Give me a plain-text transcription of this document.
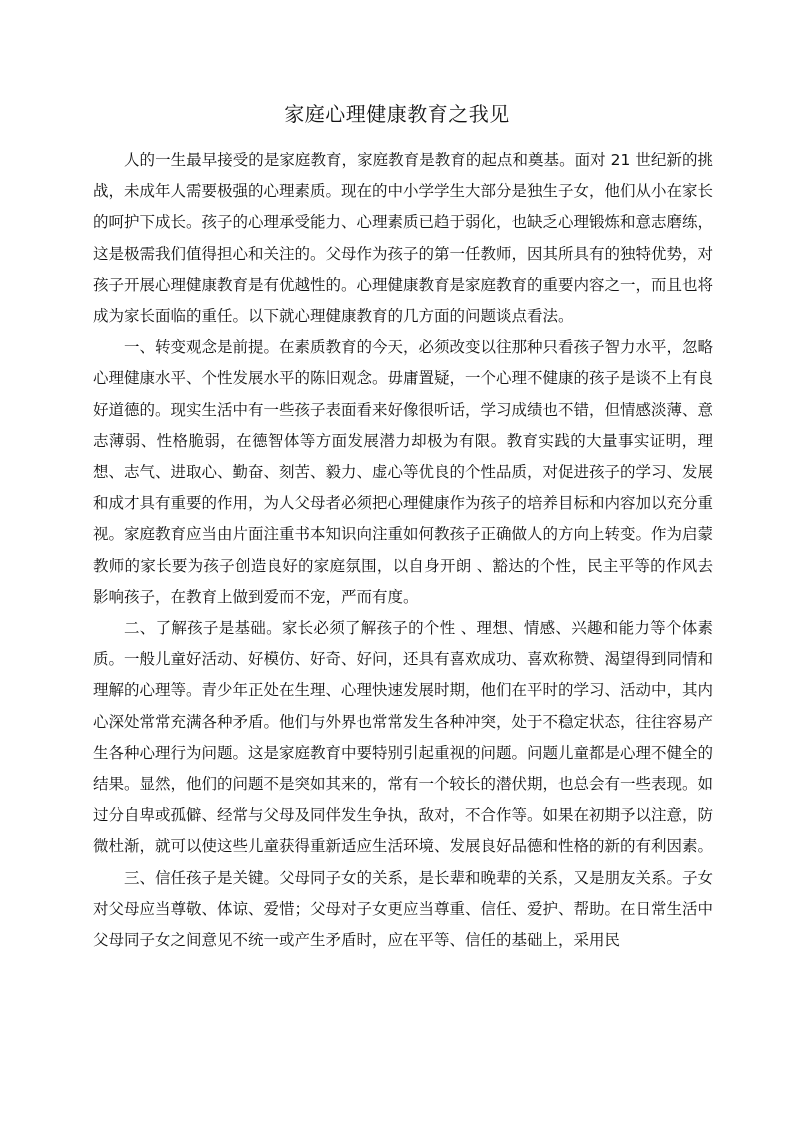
家庭心理健康教育之我见

人的一生最早接受的是家庭教育，家庭教育是教育的起点和奠基。面对 21 世纪新的挑战，未成年人需要极强的心理素质。现在的中小学学生大部分是独生子女，他们从小在家长的呵护下成长。孩子的心理承受能力、心理素质已趋于弱化，也缺乏心理锻炼和意志磨练，这是极需我们值得担心和关注的。父母作为孩子的第一任教师，因其所具有的独特优势，对孩子开展心理健康教育是有优越性的。心理健康教育是家庭教育的重要内容之一，而且也将成为家长面临的重任。以下就心理健康教育的几方面的问题谈点看法。

一、转变观念是前提。在素质教育的今天，必须改变以往那种只看孩子智力水平，忽略心理健康水平、个性发展水平的陈旧观念。毋庸置疑，一个心理不健康的孩子是谈不上有良好道德的。现实生活中有一些孩子表面看来好像很听话，学习成绩也不错，但情感淡薄、意志薄弱、性格脆弱，在德智体等方面发展潜力却极为有限。教育实践的大量事实证明，理想、志气、进取心、勤奋、刻苦、毅力、虚心等优良的个性品质，对促进孩子的学习、发展和成才具有重要的作用，为人父母者必须把心理健康作为孩子的培养目标和内容加以充分重视。家庭教育应当由片面注重书本知识向注重如何教孩子正确做人的方向上转变。作为启蒙教师的家长要为孩子创造良好的家庭氛围，以自身开朗 、豁达的个性，民主平等的作风去影响孩子，在教育上做到爱而不宠，严而有度。

二、了解孩子是基础。家长必须了解孩子的个性 、理想、情感、兴趣和能力等个体素质。一般儿童好活动、好模仿、好奇、好问，还具有喜欢成功、喜欢称赞、渴望得到同情和理解的心理等。青少年正处在生理、心理快速发展时期，他们在平时的学习、活动中，其内心深处常常充满各种矛盾。他们与外界也常常发生各种冲突，处于不稳定状态，往往容易产生各种心理行为问题。这是家庭教育中要特别引起重视的问题。问题儿童都是心理不健全的结果。显然，他们的问题不是突如其来的，常有一个较长的潜伏期，也总会有一些表现。如过分自卑或孤僻、经常与父母及同伴发生争执，敌对，不合作等。如果在初期予以注意，防微杜渐，就可以使这些儿童获得重新适应生活环境、发展良好品德和性格的新的有利因素。

三、信任孩子是关键。父母同子女的关系，是长辈和晚辈的关系，又是朋友关系。子女对父母应当尊敬、体谅、爱惜；父母对子女更应当尊重、信任、爱护、帮助。在日常生活中父母同子女之间意见不统一或产生矛盾时，应在平等、信任的基础上，采用民
